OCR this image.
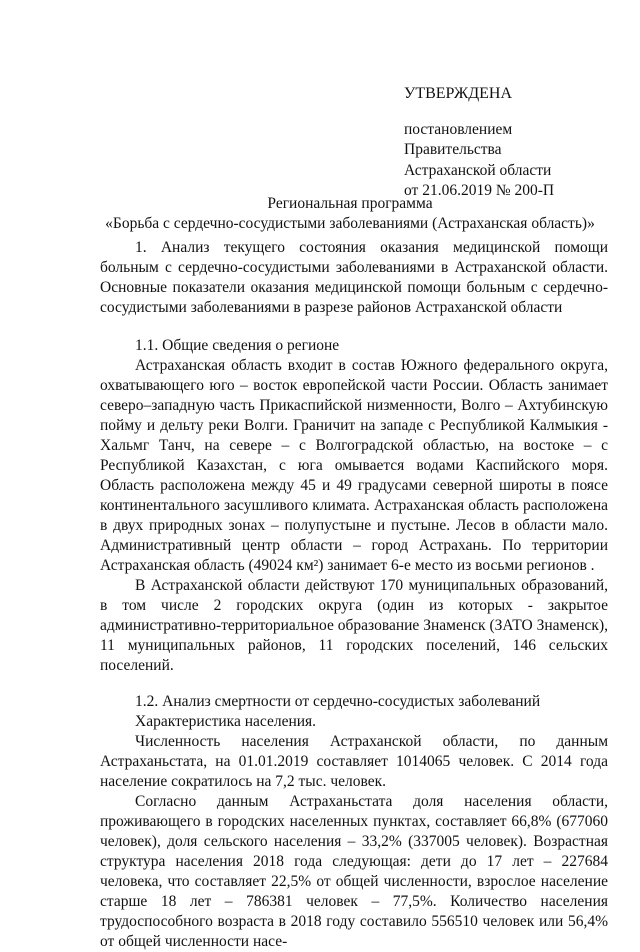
УТВЕРЖДЕНА
постановлением
Правительства
Астраханской области
от 21.06.2019 № 200-П
Региональная программа
«Борьба с сердечно-сосудистыми заболеваниями (Астраханская область)»

1. Анализ текущего состояния оказания медицинской помощи больным с сердечно-сосудистыми заболеваниями в Астраханской области. Основные показатели оказания медицинской помощи больным с сердечно-сосудистыми заболеваниями в разрезе районов Астраханской области

1.1. Общие сведения о регионе

Астраханская область входит в состав Южного федерального округа, охватывающего юго – восток европейской части России. Область занимает северо–западную часть Прикаспийской низменности, Волго – Ахтубинскую пойму и дельту реки Волги. Граничит на западе с Республикой Калмыкия - Хальмг Танч, на севере – с Волгоградской областью, на востоке – с Республикой Казахстан, с юга омывается водами Каспийского моря. Область расположена между 45 и 49 градусами северной широты в поясе континентального засушливого климата. Астраханская область расположена в двух природных зонах – полупустыне и пустыне. Лесов в области мало. Административный центр области – город Астрахань. По территории Астраханская область (49024 км²) занимает 6-е место из восьми регионов .

В Астраханской области действуют 170 муниципальных образований, в том числе 2 городских округа (один из которых - закрытое административно-территориальное образование Знаменск (ЗАТО Знаменск), 11 муниципальных районов, 11 городских поселений, 146 сельских поселений.

1.2. Анализ смертности от сердечно-сосудистых заболеваний

Характеристика населения.

Численность населения Астраханской области, по данным Астраханьстата, на 01.01.2019 составляет 1014065 человек. С 2014 года население сократилось на 7,2 тыс. человек.

Согласно данным Астраханьстата доля населения области, проживающего в городских населенных пунктах, составляет 66,8% (677060 человек), доля сельского населения – 33,2% (337005 человек). Возрастная структура населения 2018 года следующая: дети до 17 лет – 227684 человека, что составляет 22,5% от общей численности, взрослое население старше 18 лет – 786381 человек – 77,5%. Количество населения трудоспособного возраста в 2018 году составило 556510 человек или 56,4% от общей численности насе-
